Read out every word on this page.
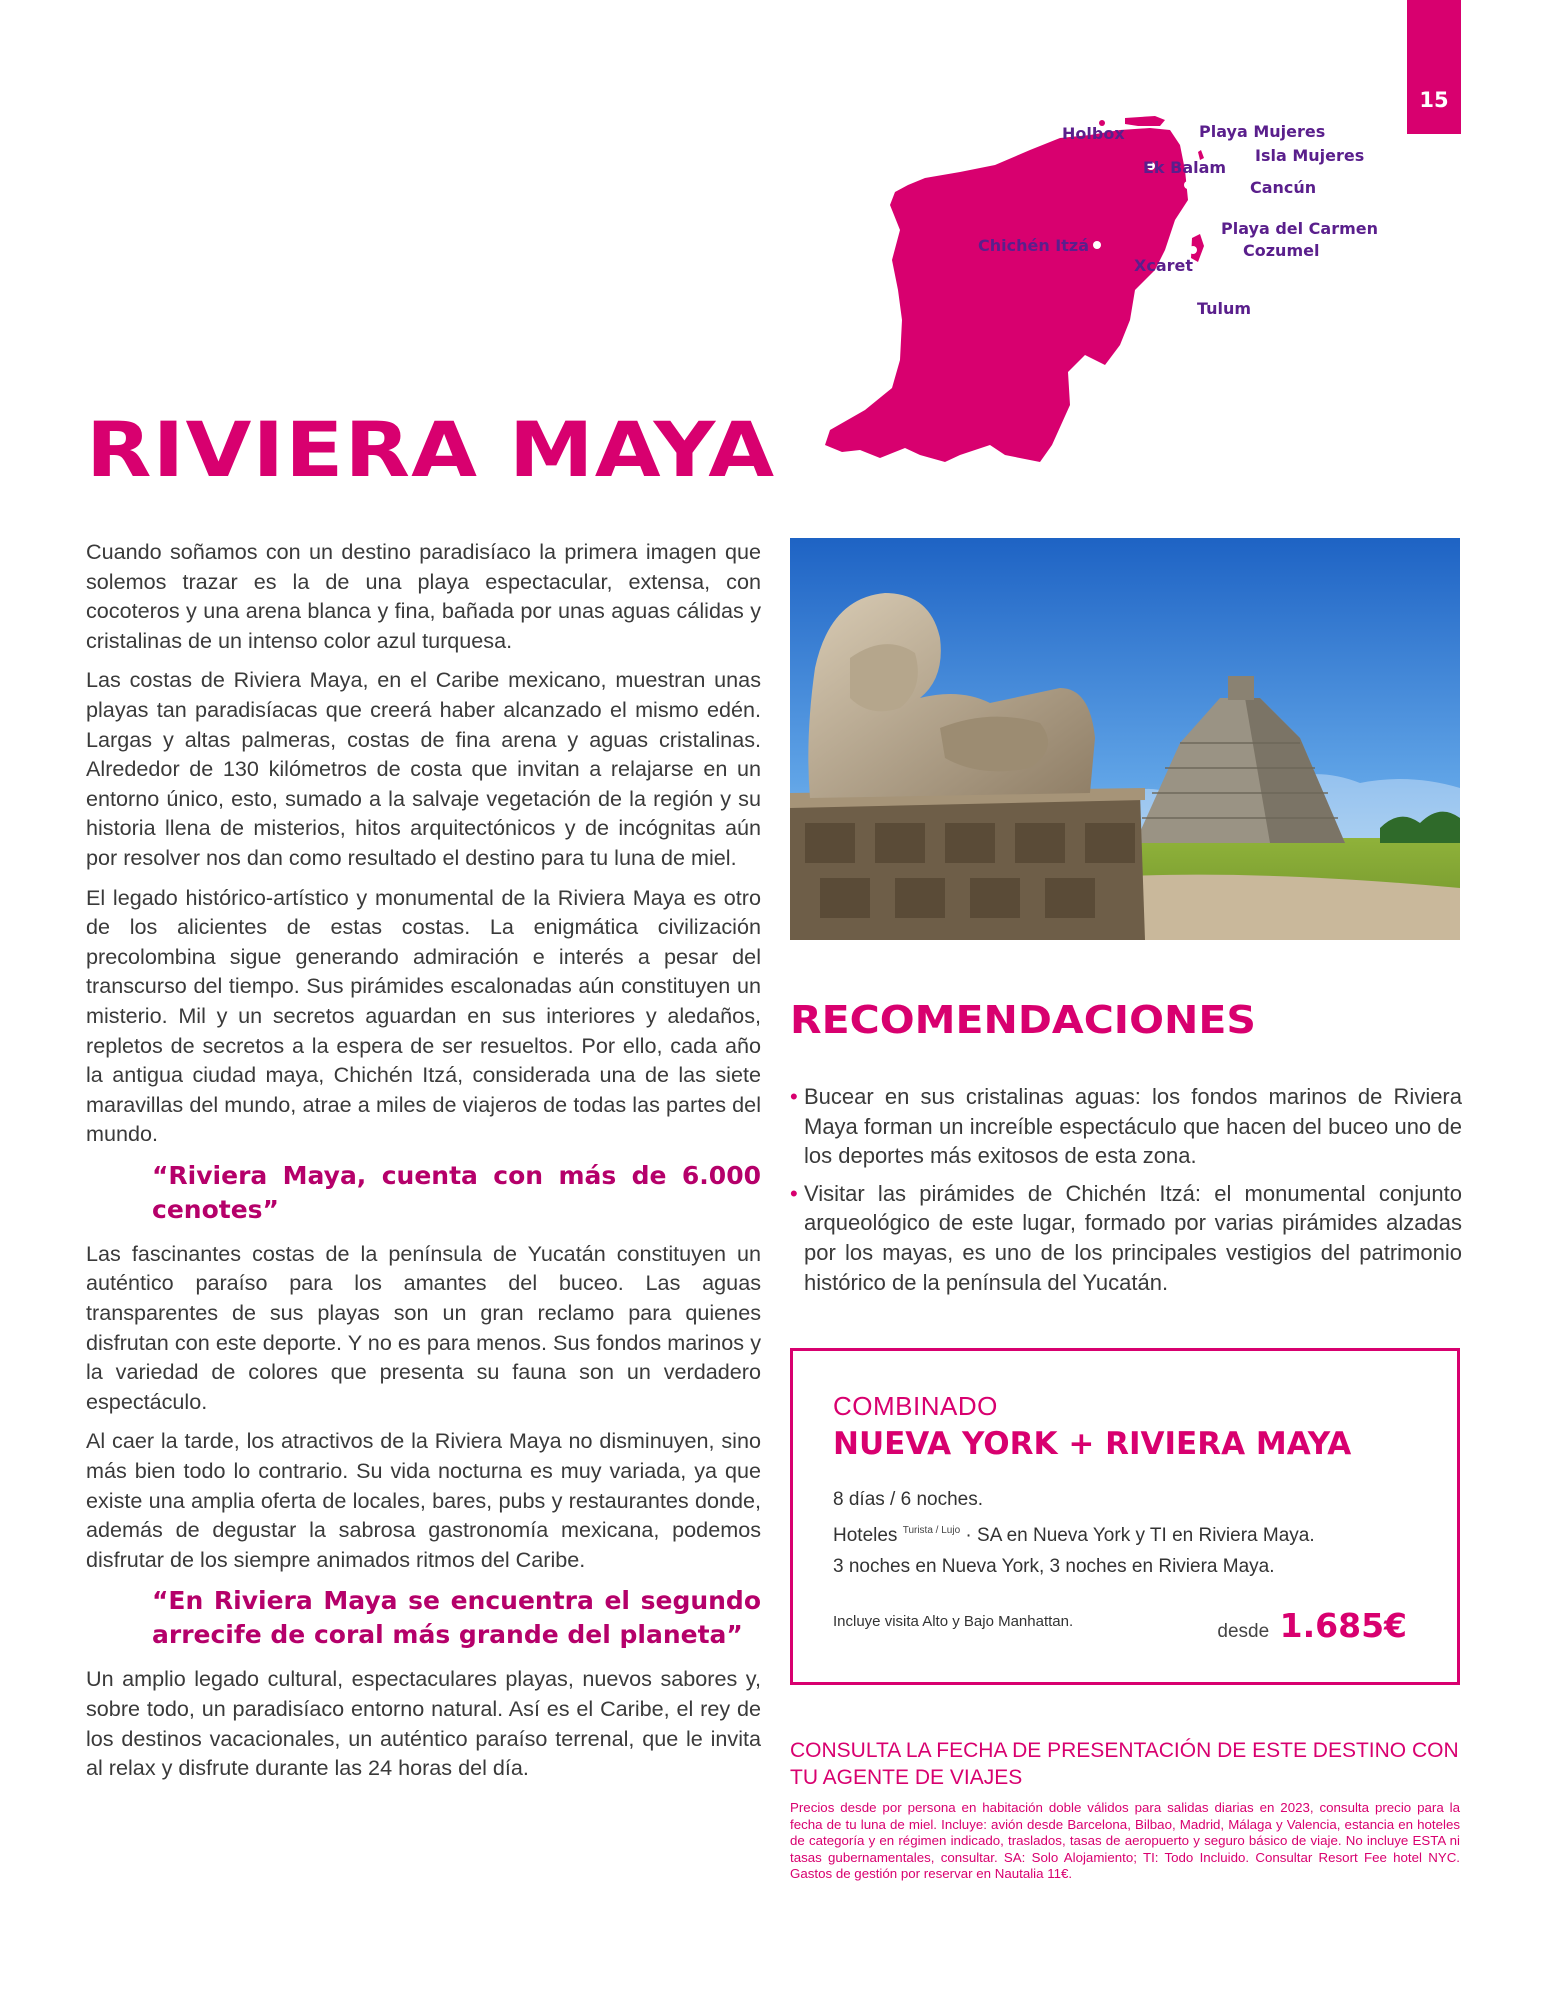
15
Holbox	Playa Mujeres
Isla Mujeres
Ek Balam
Cancún
Playa del Carmen
Chichén Itzá	Cozumel
Xcaret
Tulum
RIVIERA MAYA

Cuando soñamos con un destino paradisíaco la primera imagen que solemos trazar es la de una playa espectacular, extensa, con cocoteros y una arena blanca y fina, bañada por unas aguas cálidas y cristalinas de un intenso color azul turquesa.

Las costas de Riviera Maya, en el Caribe mexicano, muestran unas playas tan paradisíacas que creerá haber alcanzado el mismo edén. Largas y altas palmeras, costas de fina arena y aguas cristalinas. Alrededor de 130 kilómetros de costa que invitan a relajarse en un entorno único, esto, sumado a la salvaje vegetación de la región y su historia llena de misterios, hitos arquitectónicos y de incógnitas aún por resolver nos dan como resultado el destino para tu luna de miel.

El legado histórico-artístico y monumental de la Riviera Maya es otro de los alicientes de estas costas. La enigmática civilización precolombina sigue generando admiración e interés a pesar del transcurso del tiempo. Sus pirámides escalonadas aún constituyen un misterio. Mil y un secretos aguardan en sus interiores y aledaños, repletos de secretos a la espera de ser resueltos. Por ello, cada año la antigua ciudad maya, Chichén Itzá, considerada una de las siete maravillas del mundo, atrae a miles de viajeros de todas las partes del mundo.

“Riviera Maya, cuenta con más de 6.000 cenotes”

Las fascinantes costas de la península de Yucatán constituyen un auténtico paraíso para los amantes del buceo. Las aguas transparentes de sus playas son un gran reclamo para quienes disfrutan con este deporte. Y no es para menos. Sus fondos marinos y la variedad de colores que presenta su fauna son un verdadero espectáculo.

Al caer la tarde, los atractivos de la Riviera Maya no disminuyen, sino más bien todo lo contrario. Su vida nocturna es muy variada, ya que existe una amplia oferta de locales, bares, pubs y restaurantes donde, además de degustar la sabrosa gastronomía mexicana, podemos disfrutar de los siempre animados ritmos del Caribe.

“En Riviera Maya se encuentra el segundo arrecife de coral más grande del planeta”

Un amplio legado cultural, espectaculares playas, nuevos sabores y, sobre todo, un paradisíaco entorno natural. Así es el Caribe, el rey de los destinos vacacionales, un auténtico paraíso terrenal, que le invita al relax y disfrute durante las 24 horas del día.

RECOMENDACIONES
• Bucear en sus cristalinas aguas: los fondos marinos de Riviera Maya forman un increíble espectáculo que hacen del buceo uno de los deportes más exitosos de esta zona.
• Visitar las pirámides de Chichén Itzá: el monumental conjunto arqueológico de este lugar, formado por varias pirámides alzadas por los mayas, es uno de los principales vestigios del patrimonio histórico de la península del Yucatán.
COMBINADO
NUEVA YORK + RIVIERA MAYA
8 días / 6 noches.
Hoteles $^{Turista / Lujo}$ · SA en Nueva York y TI en Riviera Maya.
3 noches en Nueva York, 3 noches en Riviera Maya.
Incluye visita Alto y Bajo Manhattan.	desde 1.685€
CONSULTA LA FECHA DE PRESENTACIÓN DE ESTE DESTINO CON TU AGENTE DE VIAJES
Precios desde por persona en habitación doble válidos para salidas diarias en 2023, consulta precio para la fecha de tu luna de miel. Incluye: avión desde Barcelona, Bilbao, Madrid, Málaga y Valencia, estancia en hoteles de categoría y en régimen indicado, traslados, tasas de aeropuerto y seguro básico de viaje. No incluye ESTA ni tasas gubernamentales, consultar. SA: Solo Alojamiento; TI: Todo Incluido. Consultar Resort Fee hotel NYC. Gastos de gestión por reservar en Nautalia 11€.
